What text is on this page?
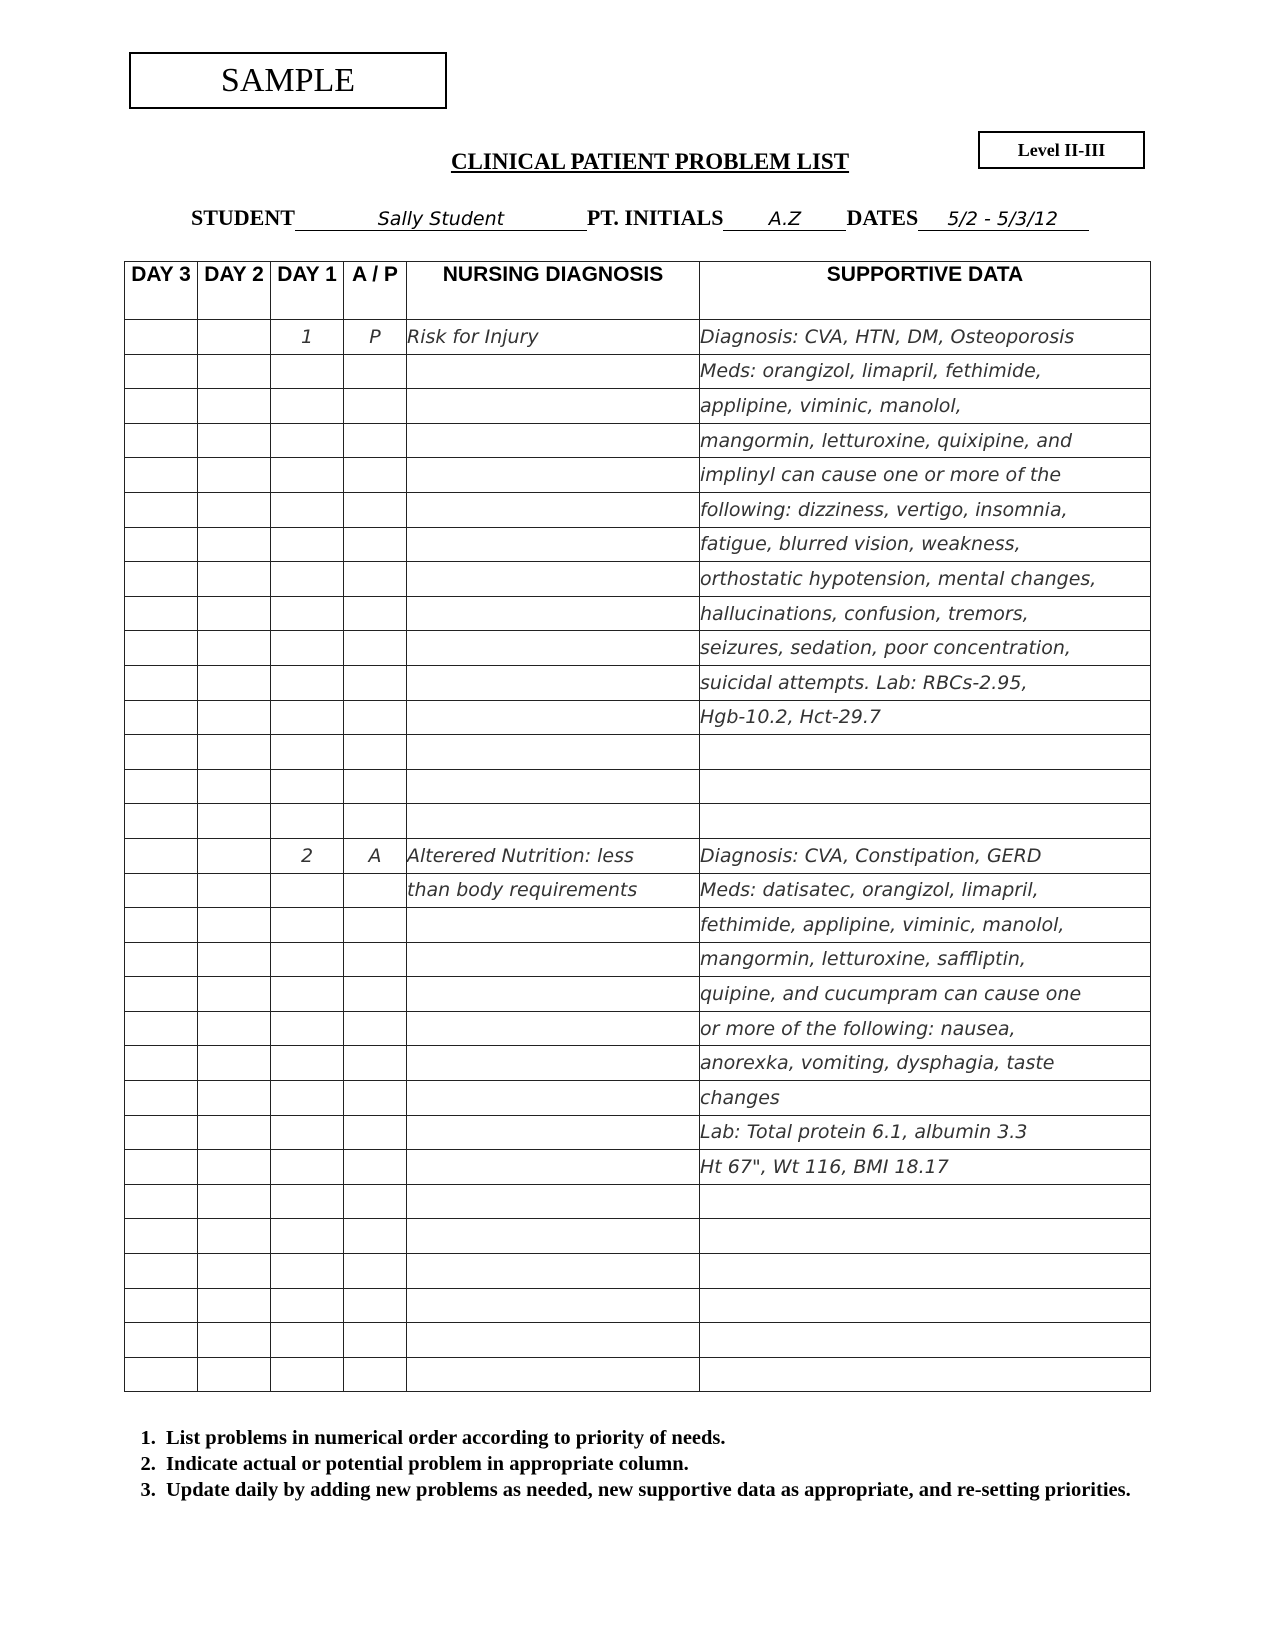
SAMPLE
Level II-III
CLINICAL PATIENT PROBLEM LIST
STUDENT	Sally Student	PT. INITIALS A.Z DATES 5/2 - 5/3/12
DAY 3	DAY 2	DAY 1	A / P	NURSING DIAGNOSIS	SUPPORTIVE DATA
		1	P	Risk for Injury	Diagnosis: CVA, HTN, DM, Osteoporosis
					Meds: orangizol, limapril, fethimide,
					applipine, viminic, manolol,
					mangormin, letturoxine, quixipine, and
					implinyl can cause one or more of the
					following: dizziness, vertigo, insomnia,
					fatigue, blurred vision, weakness,
					orthostatic hypotension, mental changes,
					hallucinations, confusion, tremors,
					seizures, sedation, poor concentration,
					suicidal attempts. Lab: RBCs-2.95,
					Hgb-10.2, Hct-29.7

		2	A	Alterered Nutrition: less	Diagnosis: CVA, Constipation, GERD
				than body requirements	Meds: datisatec, orangizol, limapril,
					fethimide, applipine, viminic, manolol,
					mangormin, letturoxine, saffliptin,
					quipine, and cucumpram can cause one
					or more of the following: nausea,
					anorexka, vomiting, dysphagia, taste
					changes
					Lab: Total protein 6.1, albumin 3.3
					Ht 67", Wt 116, BMI 18.17

1. List problems in numerical order according to priority of needs.
2. Indicate actual or potential problem in appropriate column.
3. Update daily by adding new problems as needed, new supportive data as appropriate, and re-setting priorities.
